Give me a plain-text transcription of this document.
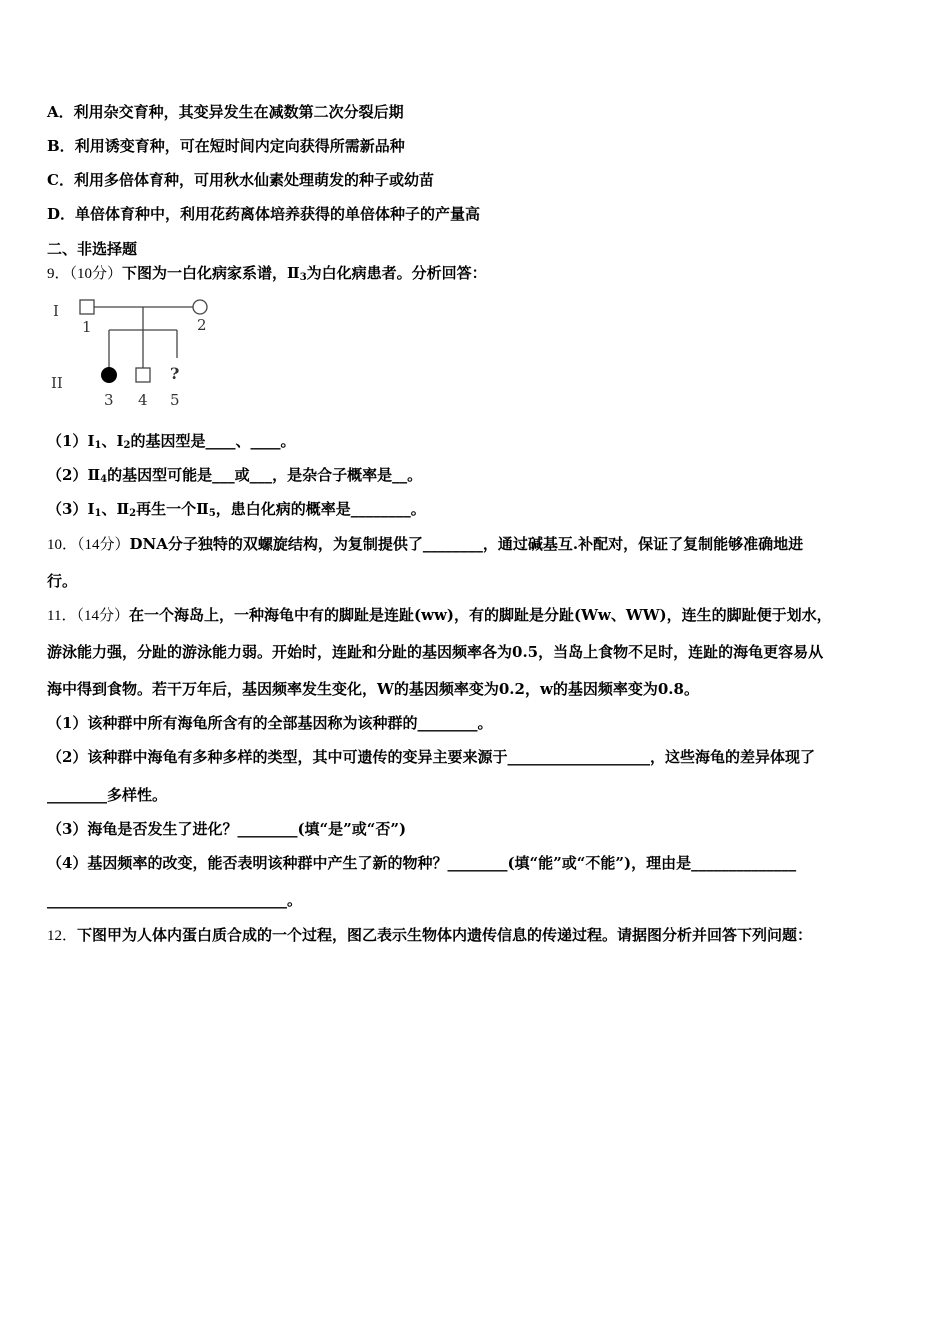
A．利用杂交育种，其变异发生在减数第二次分裂后期
B．利用诱变育种，可在短时间内定向获得所需新品种
C．利用多倍体育种，可用秋水仙素处理萌发的种子或幼苗
D．单倍体育种中，利用花药离体培养获得的单倍体种子的产量高
二、非选择题
9．（10分）下图为一白化病家系谱，$Ⅱ_3$为白化病患者。分析回答：
I
II
1	2
3 4 5
?
$(1)Ⅰ_1$、$Ⅰ_2$的基因型是____、____。
$(2)Ⅱ_4$的基因型可能是___或___，是杂合子概率是__。
$(3)Ⅰ_1$、$Ⅱ_2$再生一个$Ⅱ_5$，患白化病的概率是________。
10．（14分）DNA分子独特的双螺旋结构，为复制提供了________，通过碱基互.补配对，保证了复制能够准确地进
行。
11．（14分）在一个海岛上，一种海龟中有的脚趾是连趾(ww)，有的脚趾是分趾(Ww、WW)，连生的脚趾便于划水，
游泳能力强，分趾的游泳能力弱。开始时，连趾和分趾的基因频率各为0.5，当岛上食物不足时，连趾的海龟更容易从
海中得到食物。若干万年后，基因频率发生变化，W的基因频率变为0.2，w的基因频率变为0.8。
（1）该种群中所有海龟所含有的全部基因称为该种群的________。
（2）该种群中海龟有多种多样的类型，其中可遗传的变异主要来源于___________________，这些海龟的差异体现了
________多样性。
（3）海龟是否发生了进化？________(填“是”或“否”)
（4）基因频率的改变，能否表明该种群中产生了新的物种？________(填“能”或“不能”)，理由是______________
________________________________。
12．下图甲为人体内蛋白质合成的一个过程，图乙表示生物体内遗传信息的传递过程。请据图分析并回答下列问题：
